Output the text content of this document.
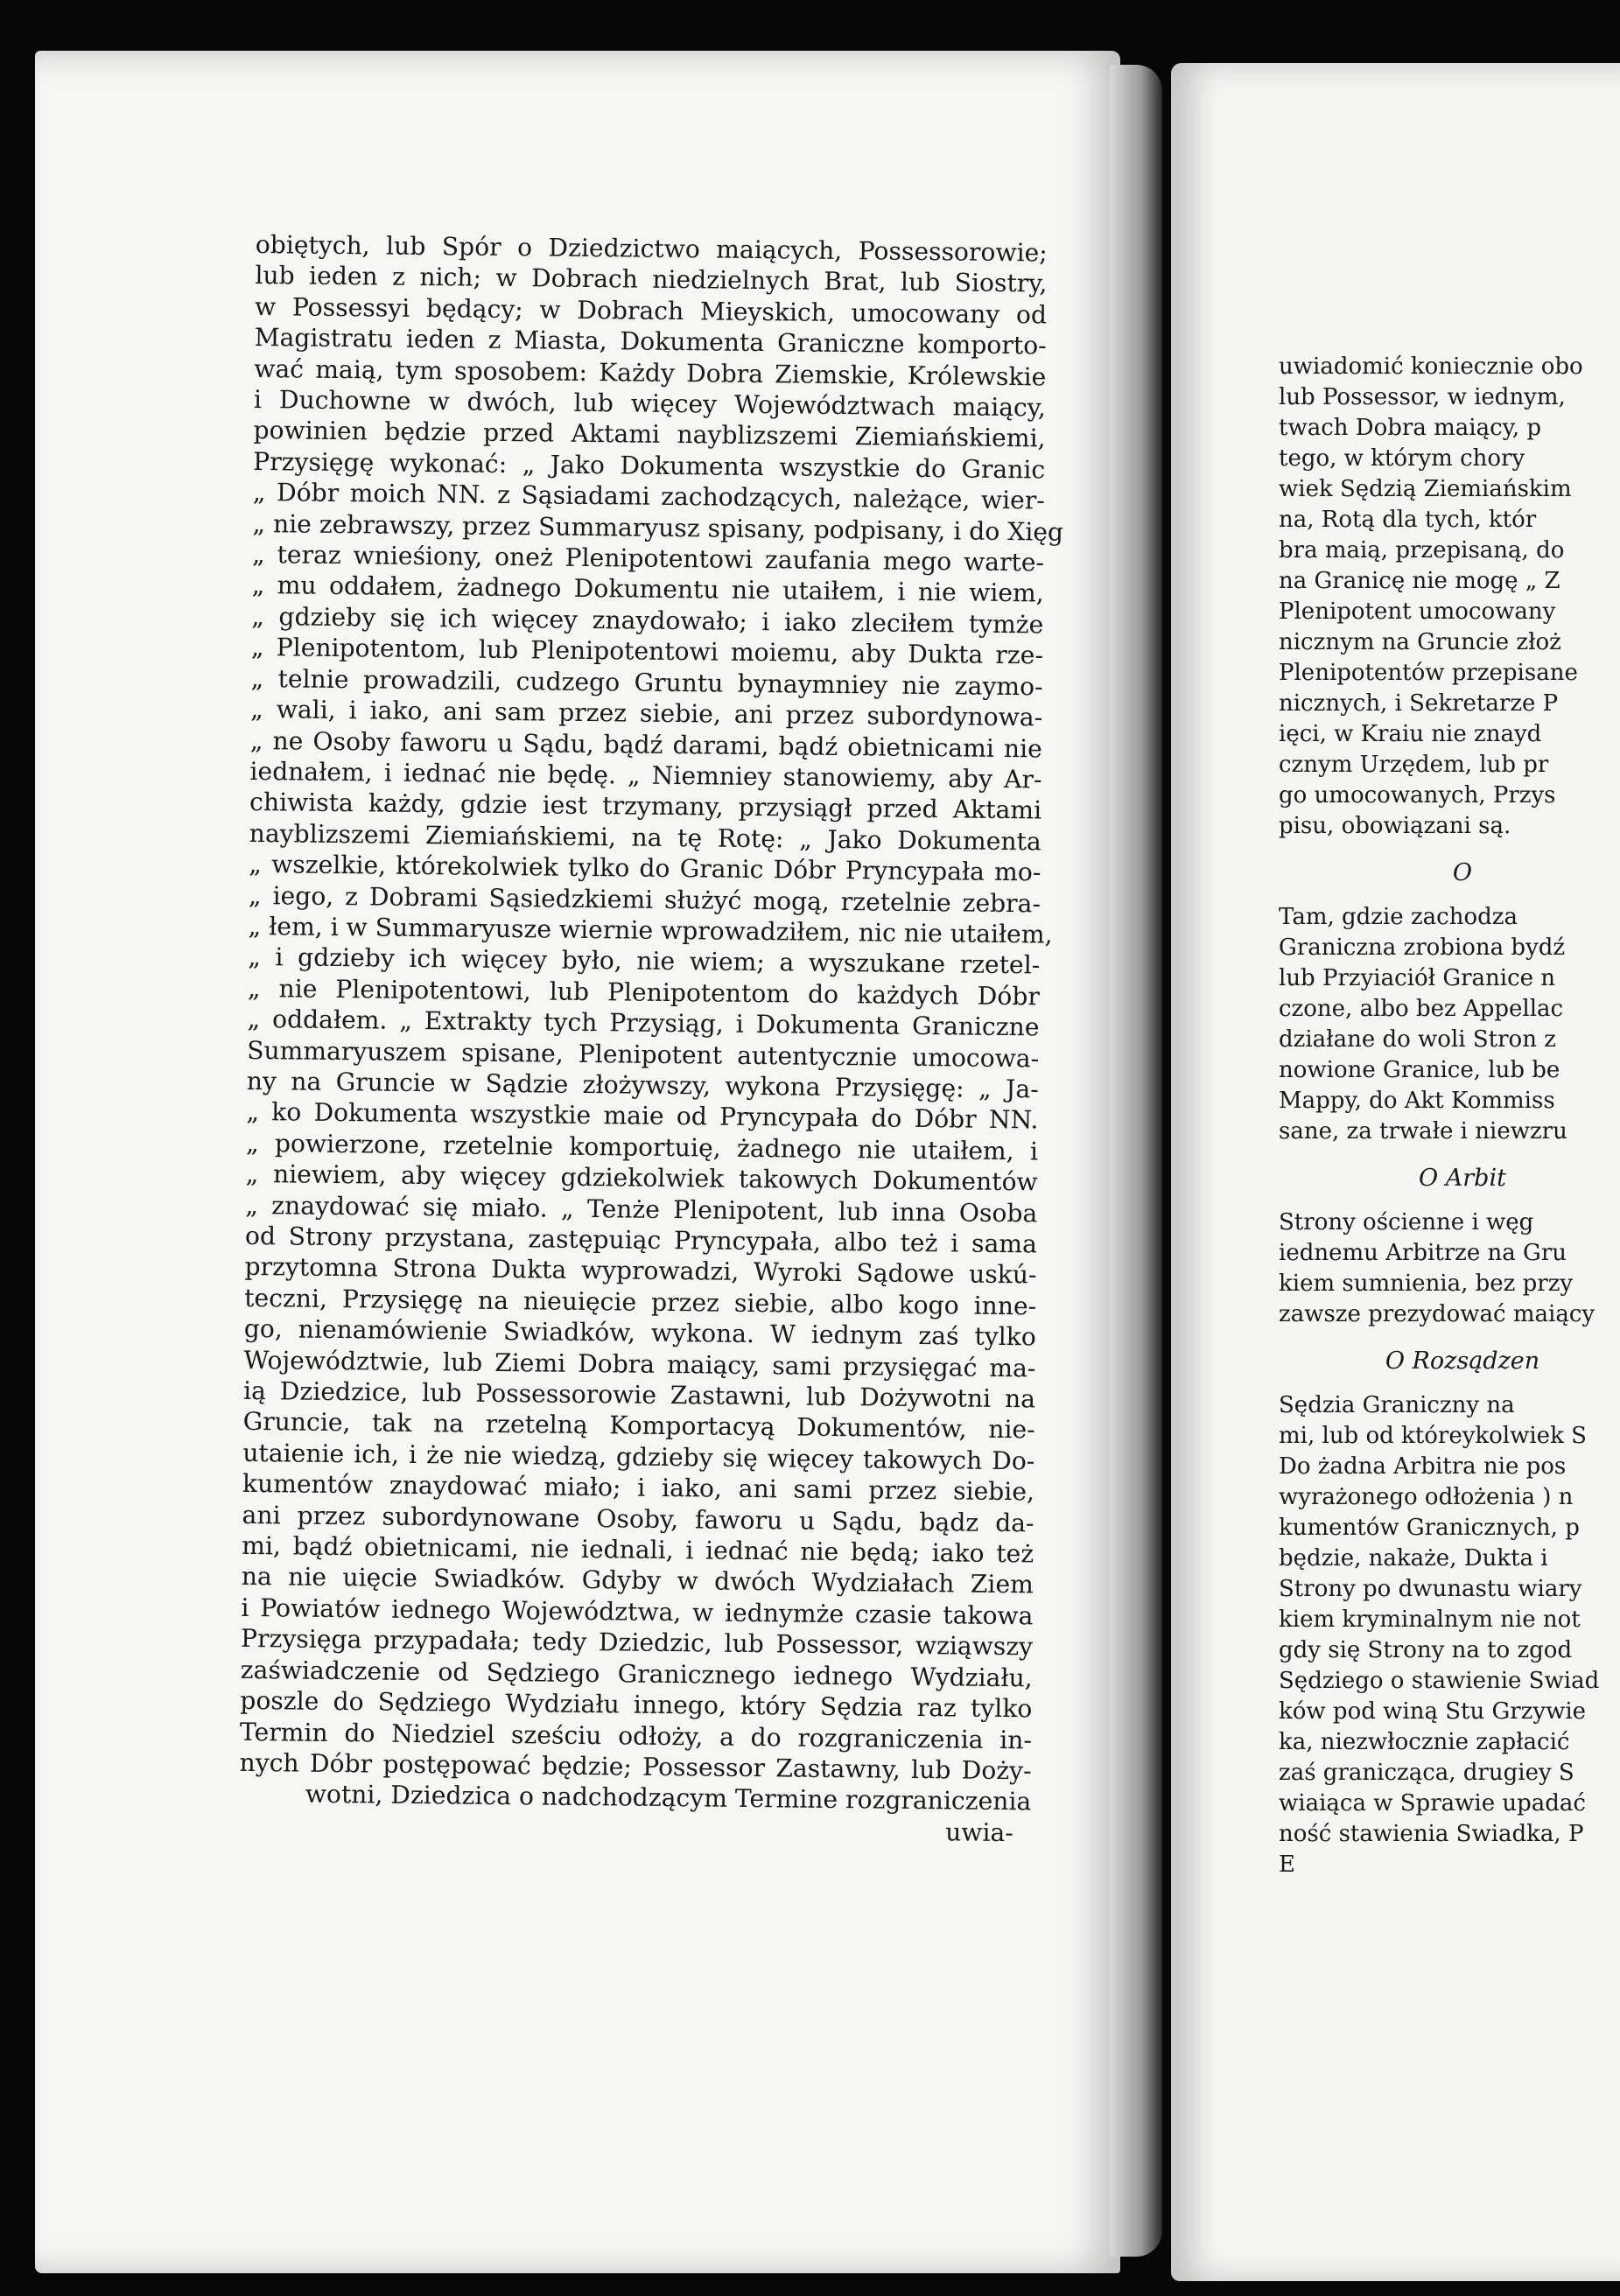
obiętych, lub Spór o Dziedzictwo maiących, Possessorowie;
lub ieden z nich; w Dobrach niedzielnych Brat, lub Siostry,
w Possessyi będący; w Dobrach Mieyskich, umocowany od
Magistratu ieden z Miasta, Dokumenta Graniczne komporto-
wać maią, tym sposobem: Każdy Dobra Ziemskie, Królewskie
i Duchowne w dwóch, lub więcey Województwach maiący,
powinien będzie przed Aktami nayblizszemi Ziemiańskiemi,
Przysięgę wykonać: „ Jako Dokumenta wszystkie do Granic
„ Dóbr moich NN. z Sąsiadami zachodzących, należące, wier-
„ nie zebrawszy, przez Summaryusz spisany, podpisany, i do Xięg
„ teraz wnieśiony, oneż Plenipotentowi zaufania mego warte-
„ mu oddałem, żadnego Dokumentu nie utaiłem, i nie wiem,
„ gdzieby się ich więcey znaydowało; i iako zleciłem tymże
„ Plenipotentom, lub Plenipotentowi moiemu, aby Dukta rze-
„ telnie prowadzili, cudzego Gruntu bynaymniey nie zaymo-
„ wali, i iako, ani sam przez siebie, ani przez subordynowa-
„ ne Osoby faworu u Sądu, bądź darami, bądź obietnicami nie
iednałem, i iednać nie będę. „ Niemniey stanowiemy, aby Ar-
chiwista każdy, gdzie iest trzymany, przysiągł przed Aktami
nayblizszemi Ziemiańskiemi, na tę Rotę: „ Jako Dokumenta
„ wszelkie, którekolwiek tylko do Granic Dóbr Pryncypała mo-
„ iego, z Dobrami Sąsiedzkiemi służyć mogą, rzetelnie zebra-
„ łem, i w Summaryusze wiernie wprowadziłem, nic nie utaiłem,
„ i gdzieby ich więcey było, nie wiem; a wyszukane rzetel-
„ nie Plenipotentowi, lub Plenipotentom do każdych Dóbr
„ oddałem. „ Extrakty tych Przysiąg, i Dokumenta Graniczne
Summaryuszem spisane, Plenipotent autentycznie umocowa-
ny na Gruncie w Sądzie złożywszy, wykona Przysięgę: „ Ja-
„ ko Dokumenta wszystkie maie od Pryncypała do Dóbr NN.
„ powierzone, rzetelnie komportuię, żadnego nie utaiłem, i
„ niewiem, aby więcey gdziekolwiek takowych Dokumentów
„ znaydować się miało. „ Tenże Plenipotent, lub inna Osoba
od Strony przystana, zastępuiąc Pryncypała, albo też i sama
przytomna Strona Dukta wyprowadzi, Wyroki Sądowe uskú-
teczni, Przysięgę na nieuięcie przez siebie, albo kogo inne-
go, nienamówienie Swiadków, wykona. W iednym zaś tylko
Województwie, lub Ziemi Dobra maiący, sami przysięgać ma-
ią Dziedzice, lub Possessorowie Zastawni, lub Dożywotni na
Gruncie, tak na rzetelną Komportacyą Dokumentów, nie-
utaienie ich, i że nie wiedzą, gdzieby się więcey takowych Do-
kumentów znaydować miało; i iako, ani sami przez siebie,
ani przez subordynowane Osoby, faworu u Sądu, bądz da-
mi, bądź obietnicami, nie iednali, i iednać nie będą; iako też
na nie uięcie Swiadków. Gdyby w dwóch Wydziałach Ziem
i Powiatów iednego Województwa, w iednymże czasie takowa
Przysięga przypadała; tedy Dziedzic, lub Possessor, wziąwszy
zaświadczenie od Sędziego Granicznego iednego Wydziału,
poszle do Sędziego Wydziału innego, który Sędzia raz tylko
Termin do Niedziel sześciu odłoży, a do rozgraniczenia in-
nych Dóbr postępować będzie; Possessor Zastawny, lub Doży-
wotni, Dziedzica o nadchodzącym Termine rozgraniczenia
uwia-
uwiadomić koniecznie obo
lub Possessor, w iednym,
twach Dobra maiący, p
tego, w którym chory
wiek Sędzią Ziemiańskim
na, Rotą dla tych, któr
bra maią, przepisaną, do
na Granicę nie mogę „ Z
Plenipotent umocowany
nicznym na Gruncie złoż
Plenipotentów przepisane
nicznych, i Sekretarze P
ięci, w Kraiu nie znayd
cznym Urzędem, lub pr
go umocowanych, Przys
pisu, obowiązani są.
O
Tam, gdzie zachodza
Graniczna zrobiona bydź
lub Przyiaciół Granice n
czone, albo bez Appellac
działane do woli Stron z
nowione Granice, lub be
Mappy, do Akt Kommiss
sane, za trwałe i niewzru
O Arbit
Strony ościenne i węg
iednemu Arbitrze na Gru
kiem sumnienia, bez przy
zawsze prezydować maiący
O Rozsądzen
Sędzia Graniczny na
mi, lub od któreykolwiek S
Do żadna Arbitra nie pos
wyrażonego odłożenia ) n
kumentów Granicznych, p
będzie, nakaże, Dukta i
Strony po dwunastu wiary
kiem kryminalnym nie not
gdy się Strony na to zgod
Sędziego o stawienie Swiad
ków pod winą Stu Grzywie
ka, niezwłocznie zapłacić
zaś granicząca, drugiey S
wiaiąca w Sprawie upadać
ność stawienia Swiadka, P
E
